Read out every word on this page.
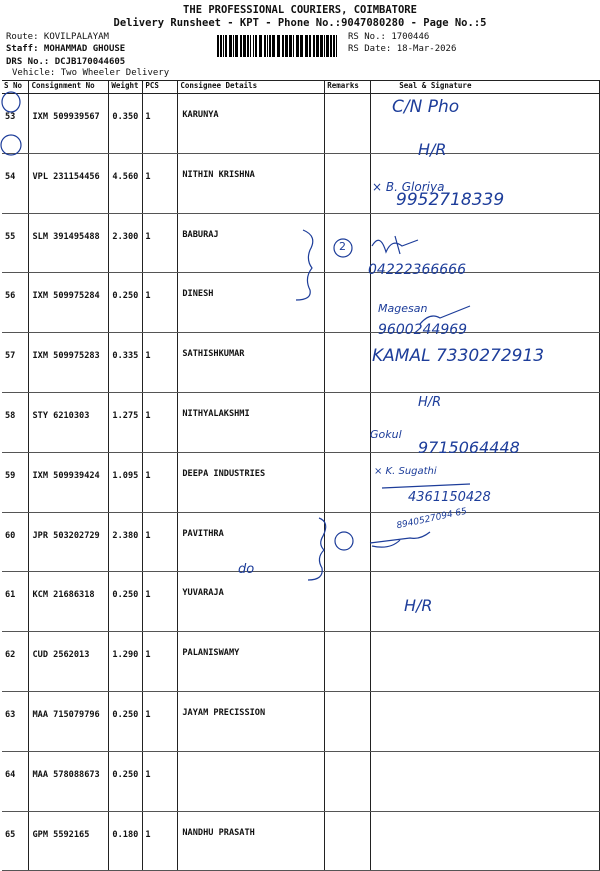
THE PROFESSIONAL COURIERS, COIMBATORE
Delivery Runsheet - KPT - Phone No.:9047080280 - Page No.:5
Route: KOVILPALAYAM
Staff: MOHAMMAD GHOUSE
DRS No.: DCJB170044605
Vehicle: Two Wheeler Delivery
RS No.: 1700446
RS Date: 18-Mar-2026
S No	Consignment No	Weight	PCS	Consignee Details	Remarks	Seal & Signature
53	IXM 509939567	0.350	1	KARUNYA		
54	VPL 231154456	4.560	1	NITHIN KRISHNA		
55	SLM 391495488	2.300	1	BABURAJ		
56	IXM 509975284	0.250	1	DINESH		
57	IXM 509975283	0.335	1	SATHISHKUMAR		
58	STY 6210303	1.275	1	NITHYALAKSHMI		
59	IXM 509939424	1.095	1	DEEPA INDUSTRIES		
60	JPR 503202729	2.380	1	PAVITHRA		
61	KCM 21686318	0.250	1	YUVARAJA		
62	CUD 2562013	1.290	1	PALANISWAMY		
63	MAA 715079796	0.250	1	JAYAM PRECISSION		
64	MAA 578088673	0.250	1			
65	GPM 5592165	0.180	1	NANDHU PRASATH		
C/N Pho
H/R
× B. Gloriya
9952718339
2
04222366666
Magesan
9600244969
KAMAL 7330272913
H/R
Gokul
9715064448
× K. Sugathi
4361150428
8940527094 65
do
H/R
